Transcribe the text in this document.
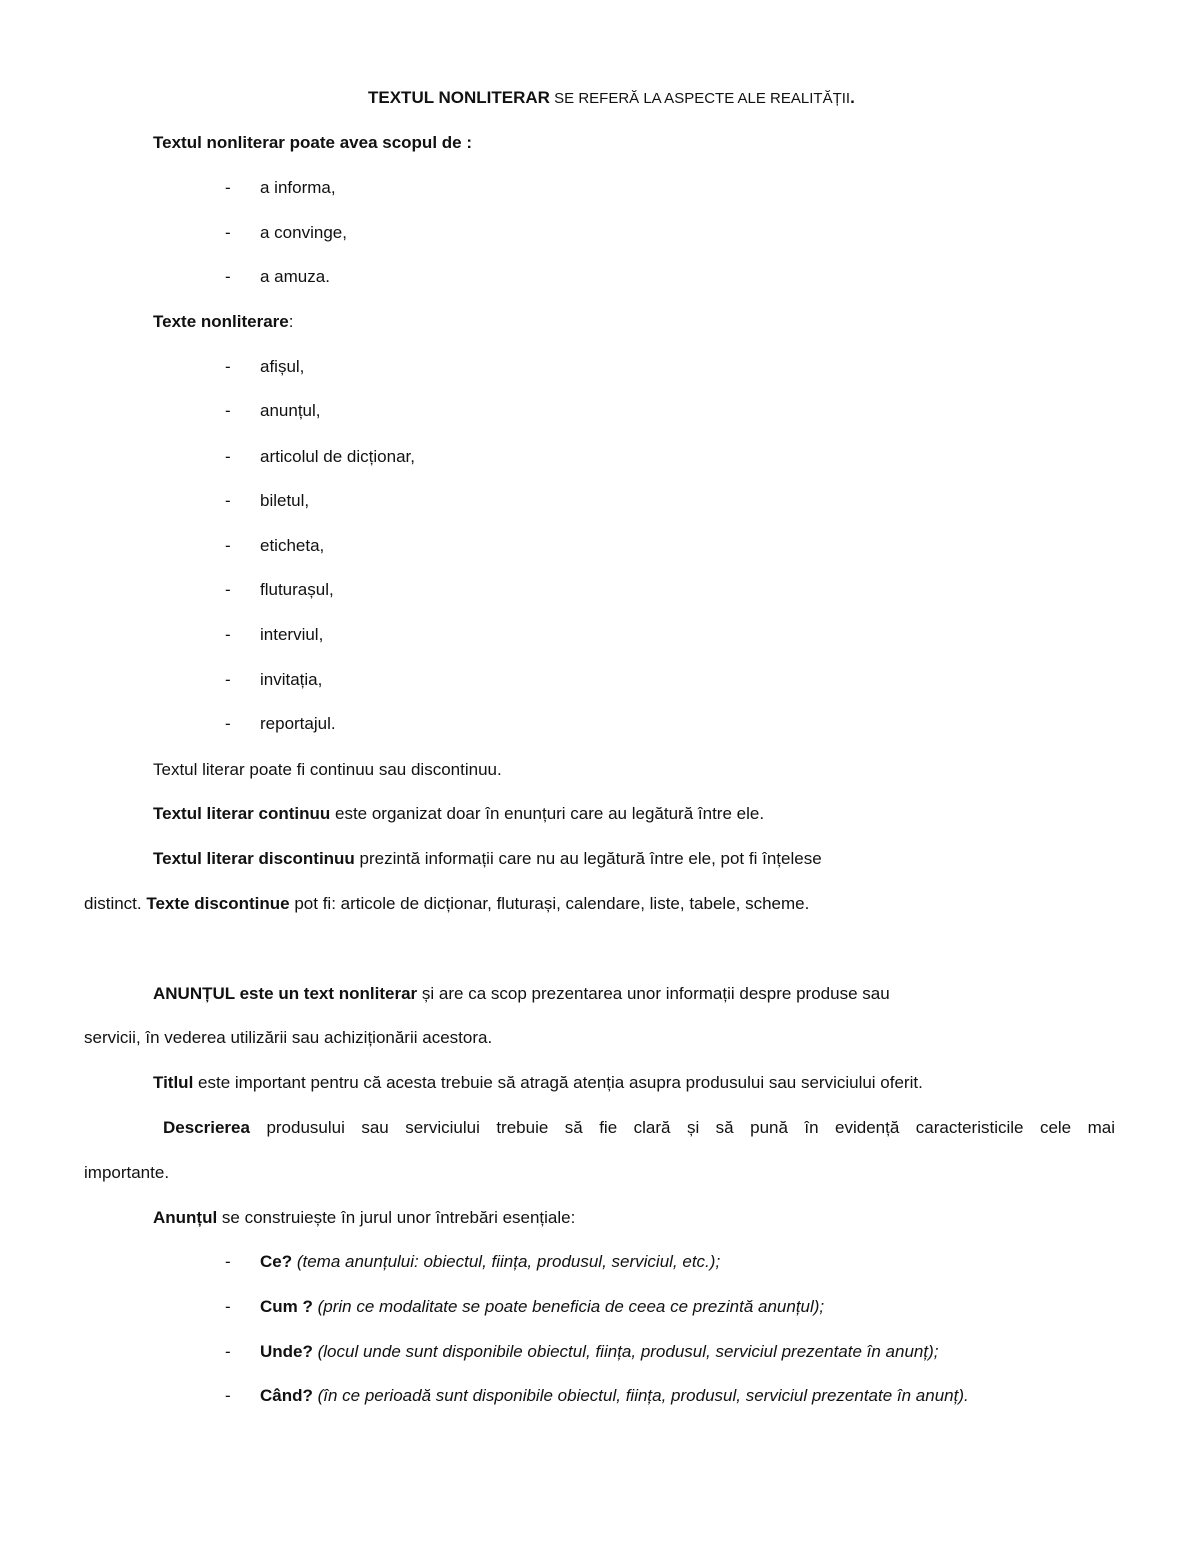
TEXTUL NONLITERAR SE REFERĂ LA ASPECTE ALE REALITĂȚII.
Textul nonliterar poate avea scopul de :
- a informa,
- a convinge,
- a amuza.
Texte nonliterare:
- afișul,
- anunțul,
- articolul de dicționar,
- biletul,
- eticheta,
- fluturașul,
- interviul,
- invitația,
- reportajul.
Textul literar poate fi continuu sau discontinuu.
Textul literar continuu este organizat doar în enunțuri care au legătură între ele.
Textul literar discontinuu prezintă informații care nu au legătură între ele, pot fi înțelese
distinct. Texte discontinue pot fi: articole de dicționar, fluturași, calendare, liste, tabele, scheme.
ANUNȚUL este un text nonliterar și are ca scop prezentarea unor informații despre produse sau
servicii, în vederea utilizării sau achiziționării acestora.
Titlul este important pentru că acesta trebuie să atragă atenția asupra produsului sau serviciului oferit.
Descrierea produsului sau serviciului trebuie să fie clară și să pună în evidență caracteristicile cele mai
importante.
Anunțul se construiește în jurul unor întrebări esențiale:
- Ce? (tema anunțului: obiectul, ființa, produsul, serviciul, etc.);
- Cum ? (prin ce modalitate se poate beneficia de ceea ce prezintă anunțul);
- Unde? (locul unde sunt disponibile obiectul, ființa, produsul, serviciul prezentate în anunț);
- Când? (în ce perioadă sunt disponibile obiectul, ființa, produsul, serviciul prezentate în anunț).
